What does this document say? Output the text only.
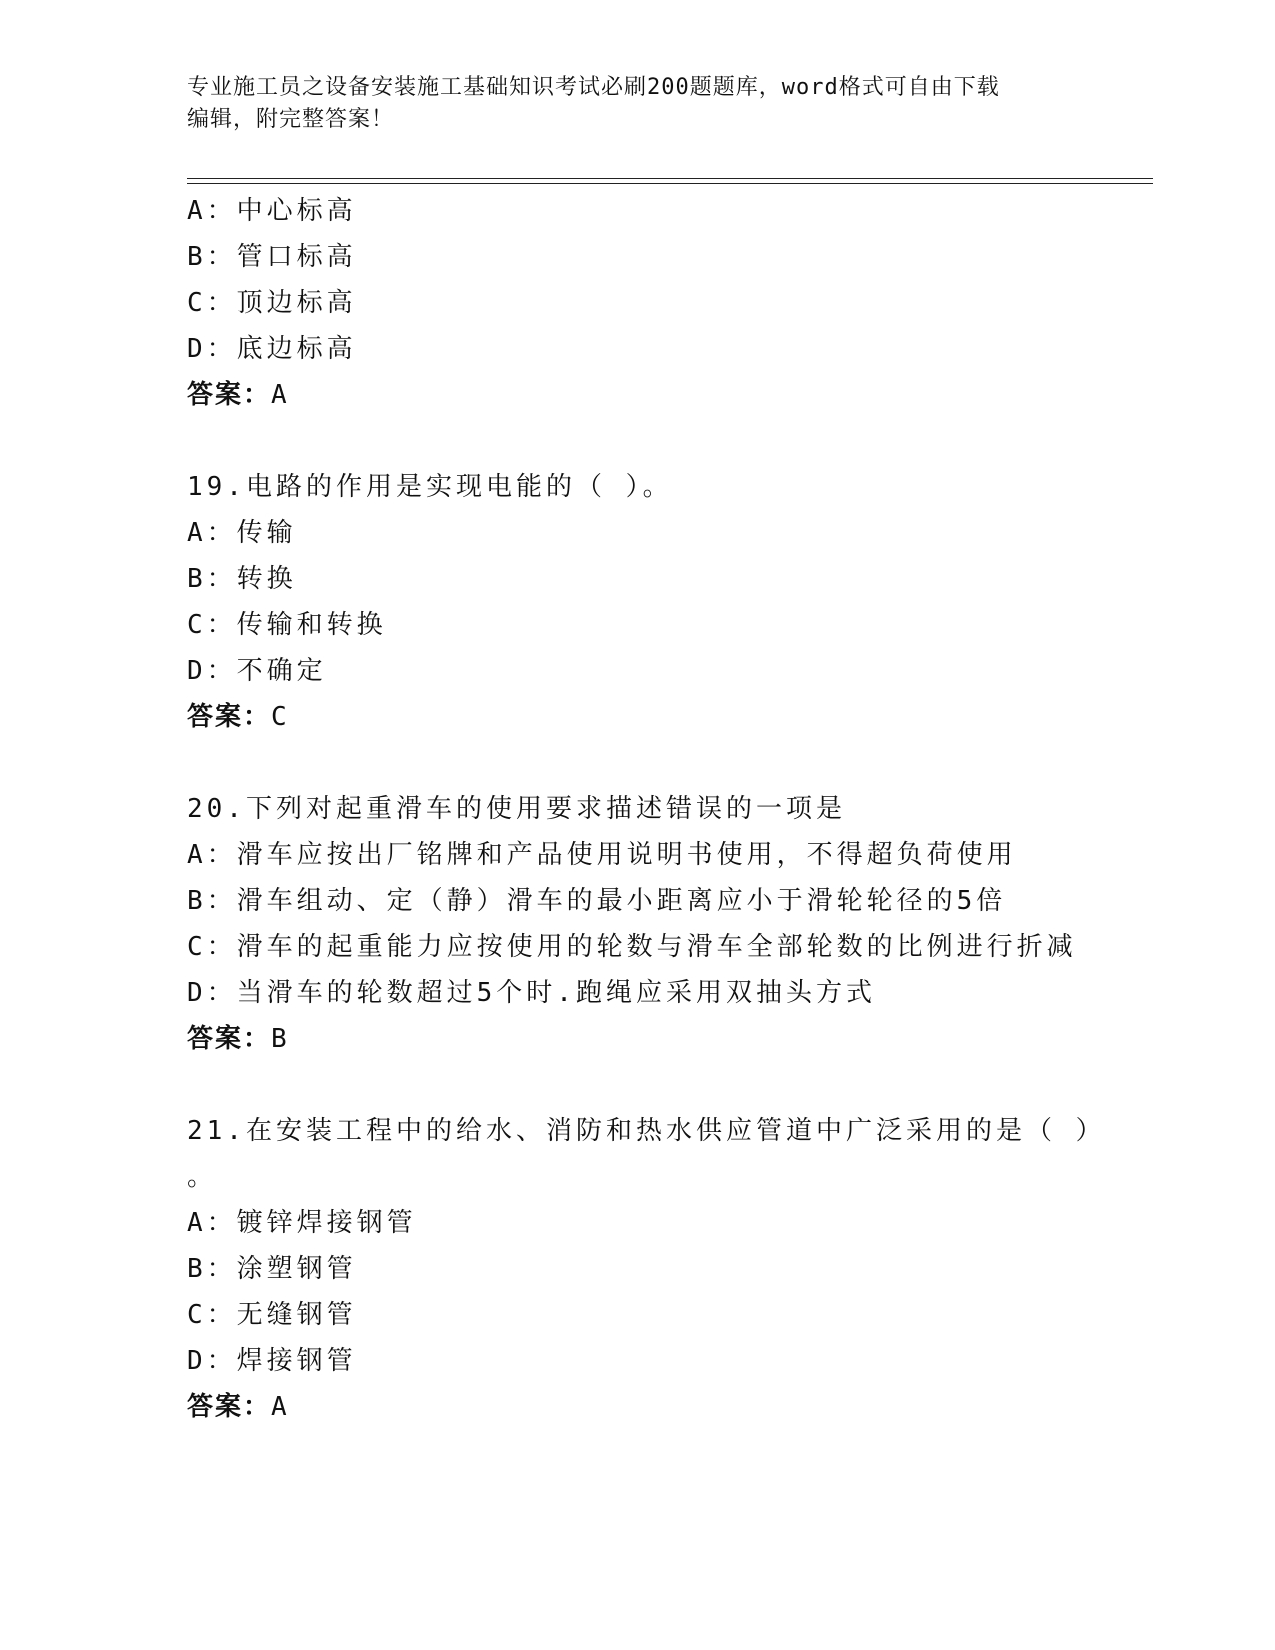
专业施工员之设备安装施工基础知识考试必刷200题题库，word格式可自由下载
编辑，附完整答案！
A：中心标高
B：管口标高
C：顶边标高
D：底边标高
答案：A
19.电路的作用是实现电能的（ ）。
A：传输
B：转换
C：传输和转换
D：不确定
答案：C
20.下列对起重滑车的使用要求描述错误的一项是
A：滑车应按出厂铭牌和产品使用说明书使用，不得超负荷使用
B：滑车组动、定（静）滑车的最小距离应小于滑轮轮径的5倍
C：滑车的起重能力应按使用的轮数与滑车全部轮数的比例进行折减
D：当滑车的轮数超过5个时.跑绳应采用双抽头方式
答案：B
21.在安装工程中的给水、消防和热水供应管道中广泛采用的是（ ）
。
A：镀锌焊接钢管
B：涂塑钢管
C：无缝钢管
D：焊接钢管
答案：A
